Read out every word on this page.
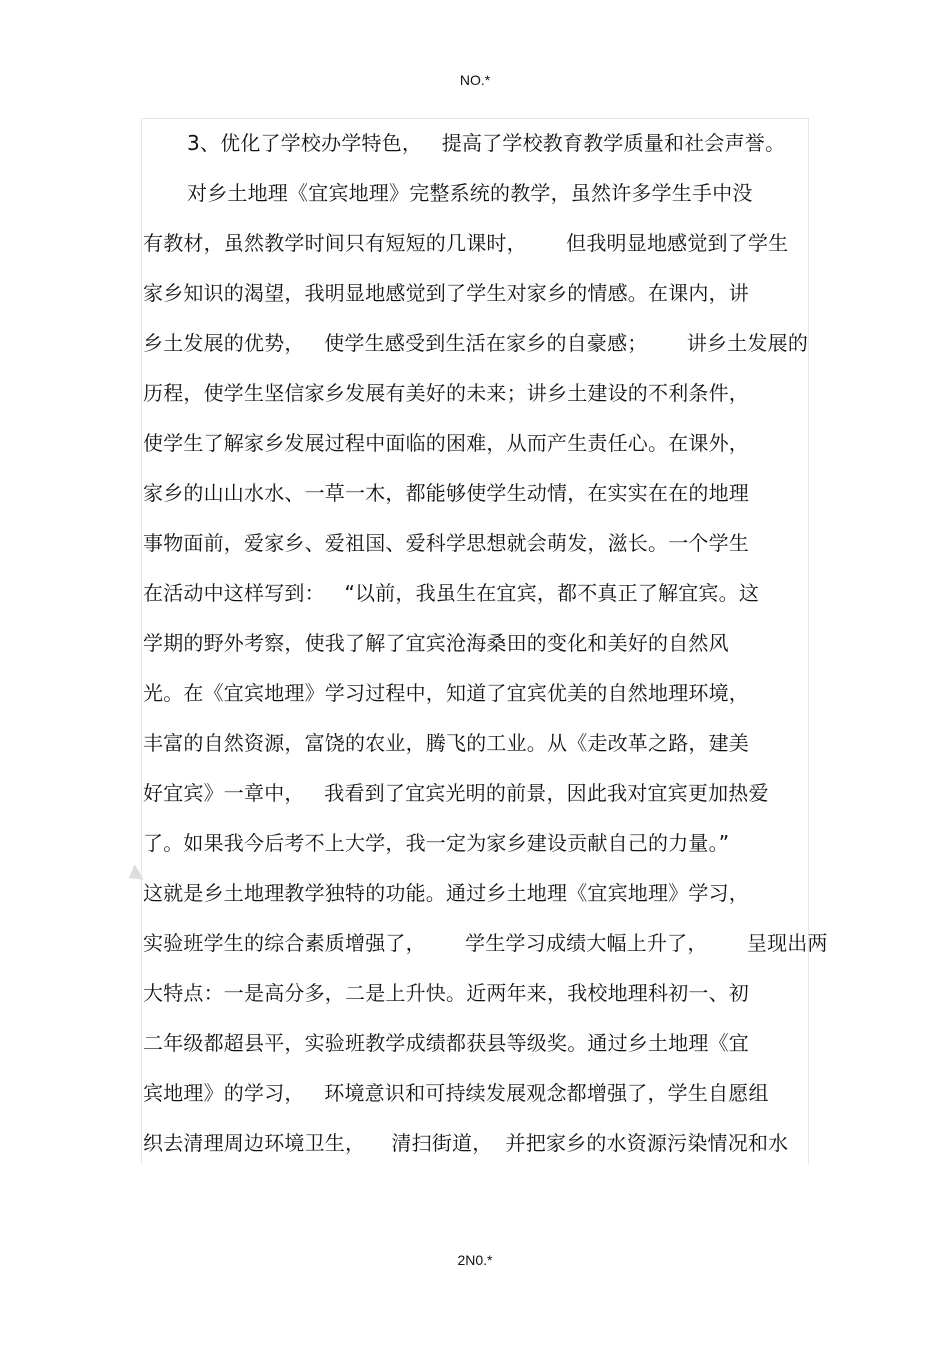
NO.*
3、优化了学校办学特色，   提高了学校教育教学质量和社会声誉。
对乡土地理《宜宾地理》完整系统的教学，虽然许多学生手中没
有教材，虽然教学时间只有短短的几课时，      但我明显地感觉到了学生
家乡知识的渴望，我明显地感觉到了学生对家乡的情感。在课内，讲
乡土发展的优势，   使学生感受到生活在家乡的自豪感；      讲乡土发展的
历程，使学生坚信家乡发展有美好的未来；讲乡土建设的不利条件，
使学生了解家乡发展过程中面临的困难，从而产生责任心。在课外，
家乡的山山水水、一草一木，都能够使学生动情，在实实在在的地理
事物面前，爱家乡、爱祖国、爱科学思想就会萌发，滋长。一个学生
在活动中这样写到：   “以前，我虽生在宜宾，都不真正了解宜宾。这
学期的野外考察，使我了解了宜宾沧海桑田的变化和美好的自然风
光。在《宜宾地理》学习过程中，知道了宜宾优美的自然地理环境，
丰富的自然资源，富饶的农业，腾飞的工业。从《走改革之路，建美
好宜宾》一章中，   我看到了宜宾光明的前景，因此我对宜宾更加热爱
了。如果我今后考不上大学，我一定为家乡建设贡献自己的力量。”
这就是乡土地理教学独特的功能。通过乡土地理《宜宾地理》学习，
实验班学生的综合素质增强了，      学生学习成绩大幅上升了，      呈现出两
大特点：一是高分多，二是上升快。近两年来，我校地理科初一、初
二年级都超县平，实验班教学成绩都获县等级奖。通过乡土地理《宜
宾地理》的学习，   环境意识和可持续发展观念都增强了，学生自愿组
织去清理周边环境卫生，    清扫街道，  并把家乡的水资源污染情况和水
2N0.*
